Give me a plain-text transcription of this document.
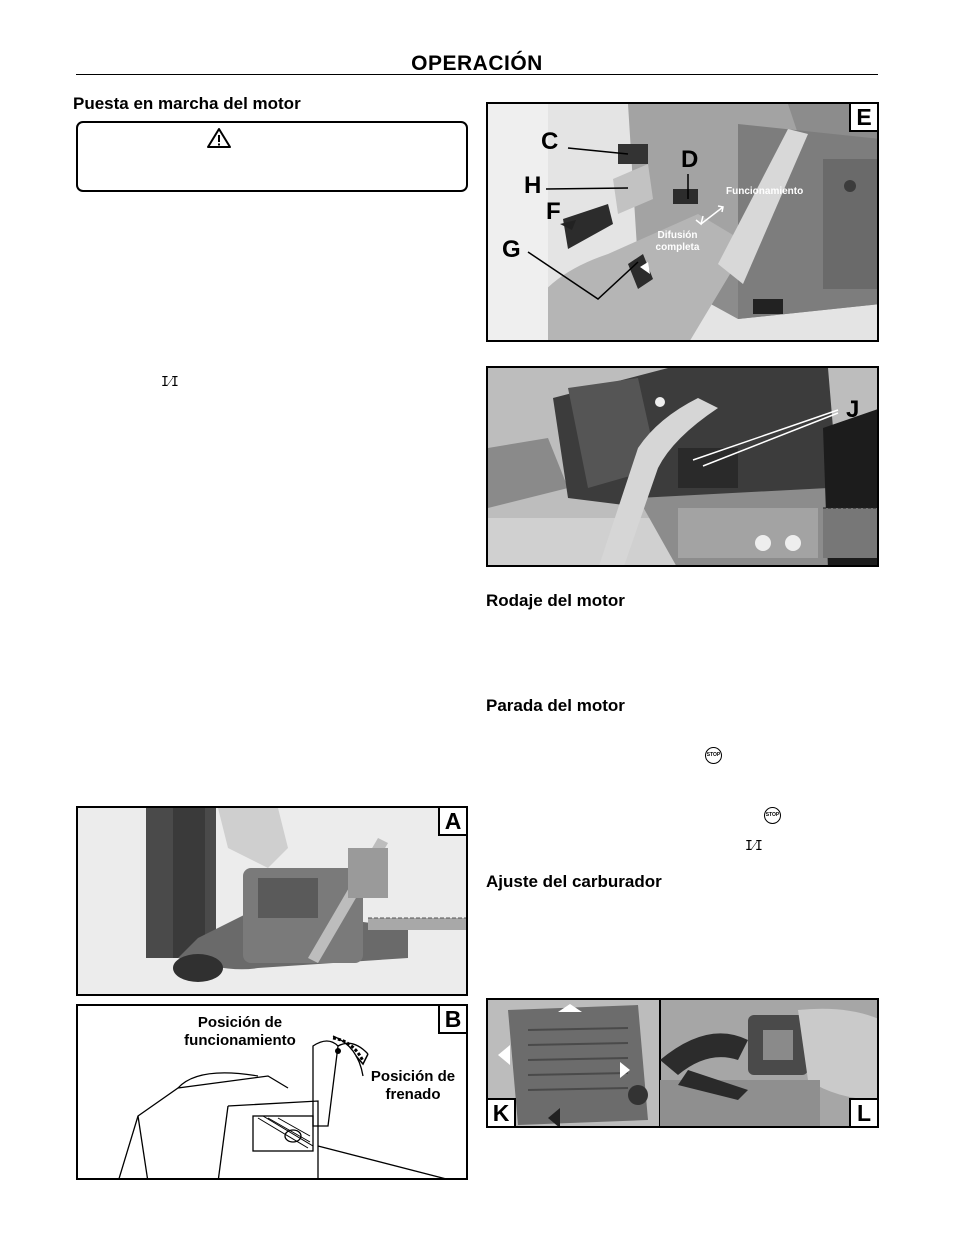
OPERACIÓN
Puesta en marcha del motor
I⁄I
A
Posición de funcionamiento
Posición de frenado
B
C
D
H
F
G
Funcionamiento
Difusión completa
E
J
Rodaje del motor
Parada del motor
STOP
STOP
I⁄I
Ajuste del carburador
K	L
